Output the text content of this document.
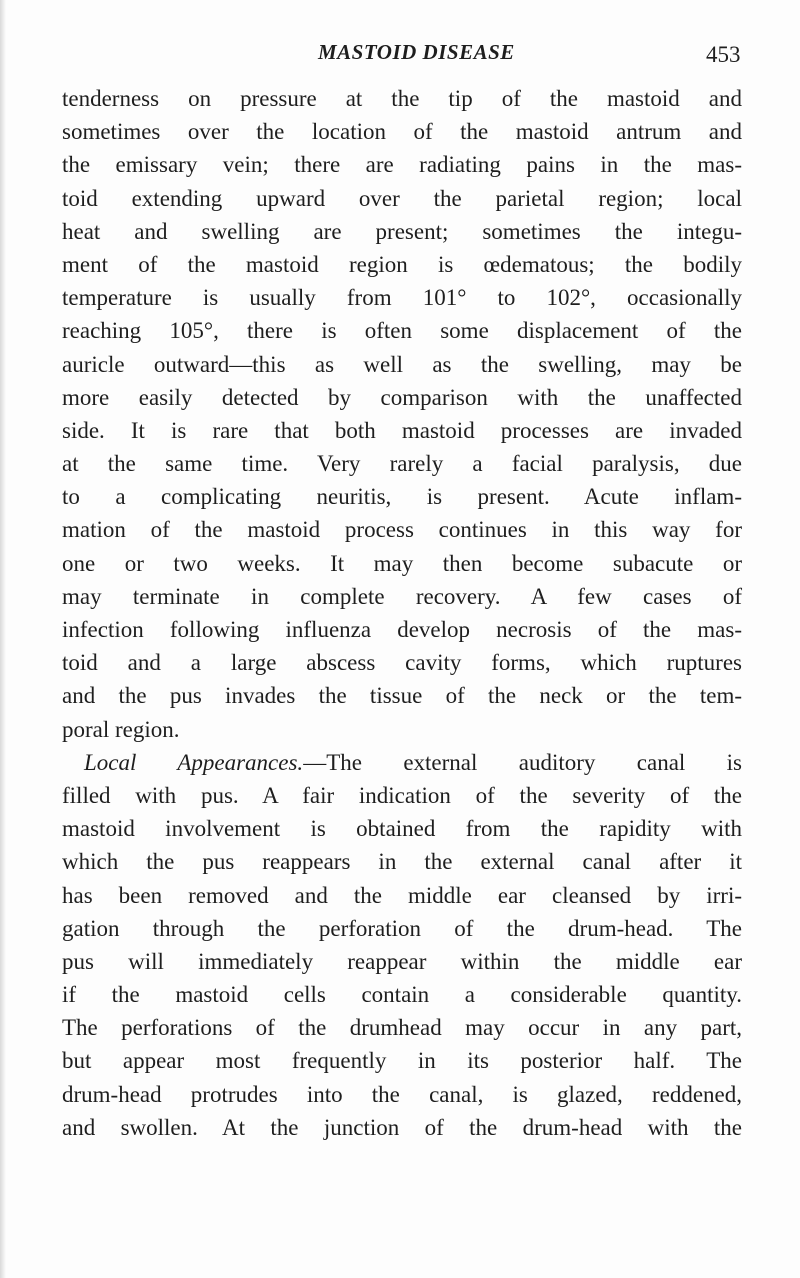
MASTOID DISEASE	453
tenderness on pressure at the tip of the mastoid and
sometimes over the location of the mastoid antrum and
the emissary vein; there are radiating pains in the mas-
toid extending upward over the parietal region; local
heat and swelling are present; sometimes the integu-
ment of the mastoid region is œdematous; the bodily
temperature is usually from 101° to 102°, occasionally
reaching 105°, there is often some displacement of the
auricle outward—this as well as the swelling, may be
more easily detected by comparison with the unaffected
side. It is rare that both mastoid processes are invaded
at the same time. Very rarely a facial paralysis, due
to a complicating neuritis, is present. Acute inflam-
mation of the mastoid process continues in this way for
one or two weeks. It may then become subacute or
may terminate in complete recovery. A few cases of
infection following influenza develop necrosis of the mas-
toid and a large abscess cavity forms, which ruptures
and the pus invades the tissue of the neck or the tem-
poral region.
Local Appearances.—The external auditory canal is
filled with pus. A fair indication of the severity of the
mastoid involvement is obtained from the rapidity with
which the pus reappears in the external canal after it
has been removed and the middle ear cleansed by irri-
gation through the perforation of the drum-head. The
pus will immediately reappear within the middle ear
if the mastoid cells contain a considerable quantity.
The perforations of the drumhead may occur in any part,
but appear most frequently in its posterior half. The
drum-head protrudes into the canal, is glazed, reddened,
and swollen. At the junction of the drum-head with the
